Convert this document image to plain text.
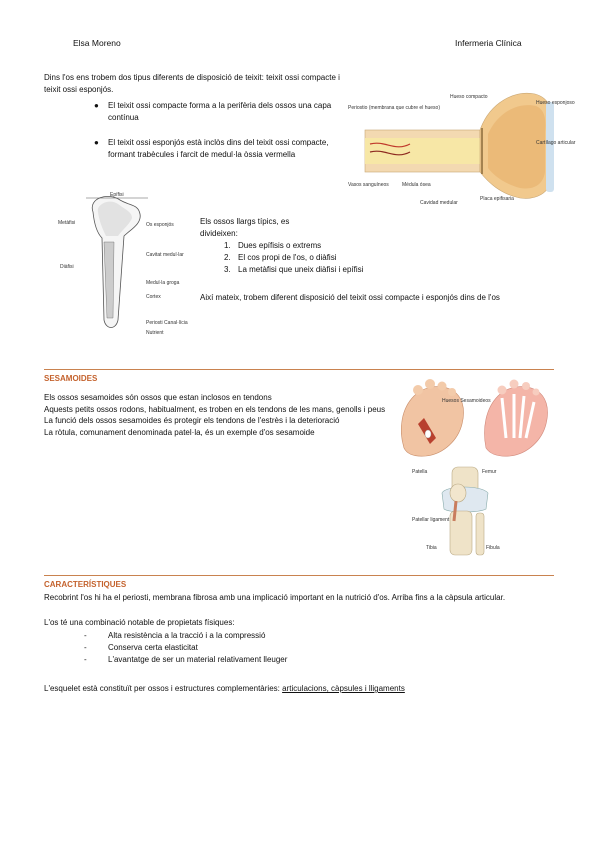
Elsa Moreno	Infermeria Clínica
Dins l'os ens trobem dos tipus diferents de disposició de teixit: teixit ossi compacte i teixit ossi esponjós.
● El teixit ossi compacte forma a la perifèria dels ossos una capa contínua
● El teixit ossi esponjós està inclòs dins del teixit ossi compacte, formant trabècules i farcit de medul·la òssia vermella
Periostio (membrana que cubre el hueso)
Hueso compacto
Hueso esponjoso
Cartílago articular
Vasos sanguíneos	Médula ósea
Cavidad medular
Placa epifisaria
Epífisi
Metàfisi
Diàfisi
Os esponjós
Cavitat medul·lar
Medul·la groga
Cortex
Periosti Canal·lícia
Nutrient
Els ossos llargs típics, es divideixen:
1. Dues epífisis o extrems
2. El cos propi de l'os, o diàfisi
3. La metàfisi que uneix diàfisi i epífisi
Així mateix, trobem diferent disposició del teixit ossi compacte i esponjós dins de l'os
SESAMOIDES
Els ossos sesamoides són ossos que estan inclosos en tendons
Aquests petits ossos rodons, habitualment, es troben en els tendons de les mans, genolls i peus
La funció dels ossos sesamoides és protegir els tendons de l'estrès i la deterioració
La ròtula, comunament denominada patel·la, és un exemple d'os sesamoide
Huesos Sesamoideos
Patella	Femur
Patellar ligament
Tibia	Fibula
CARACTERÍSTIQUES
Recobrint l'os hi ha el periosti, membrana fibrosa amb una implicació important en la nutrició d'os. Arriba fins a la càpsula articular.
L'os té una combinació notable de propietats físiques:
-	Alta resistència a la tracció i a la compressió
-	Conserva certa elasticitat
-	L'avantatge de ser un material relativament lleuger
L'esquelet està constituït per ossos i estructures complementàries: articulacions, càpsules i lligaments
